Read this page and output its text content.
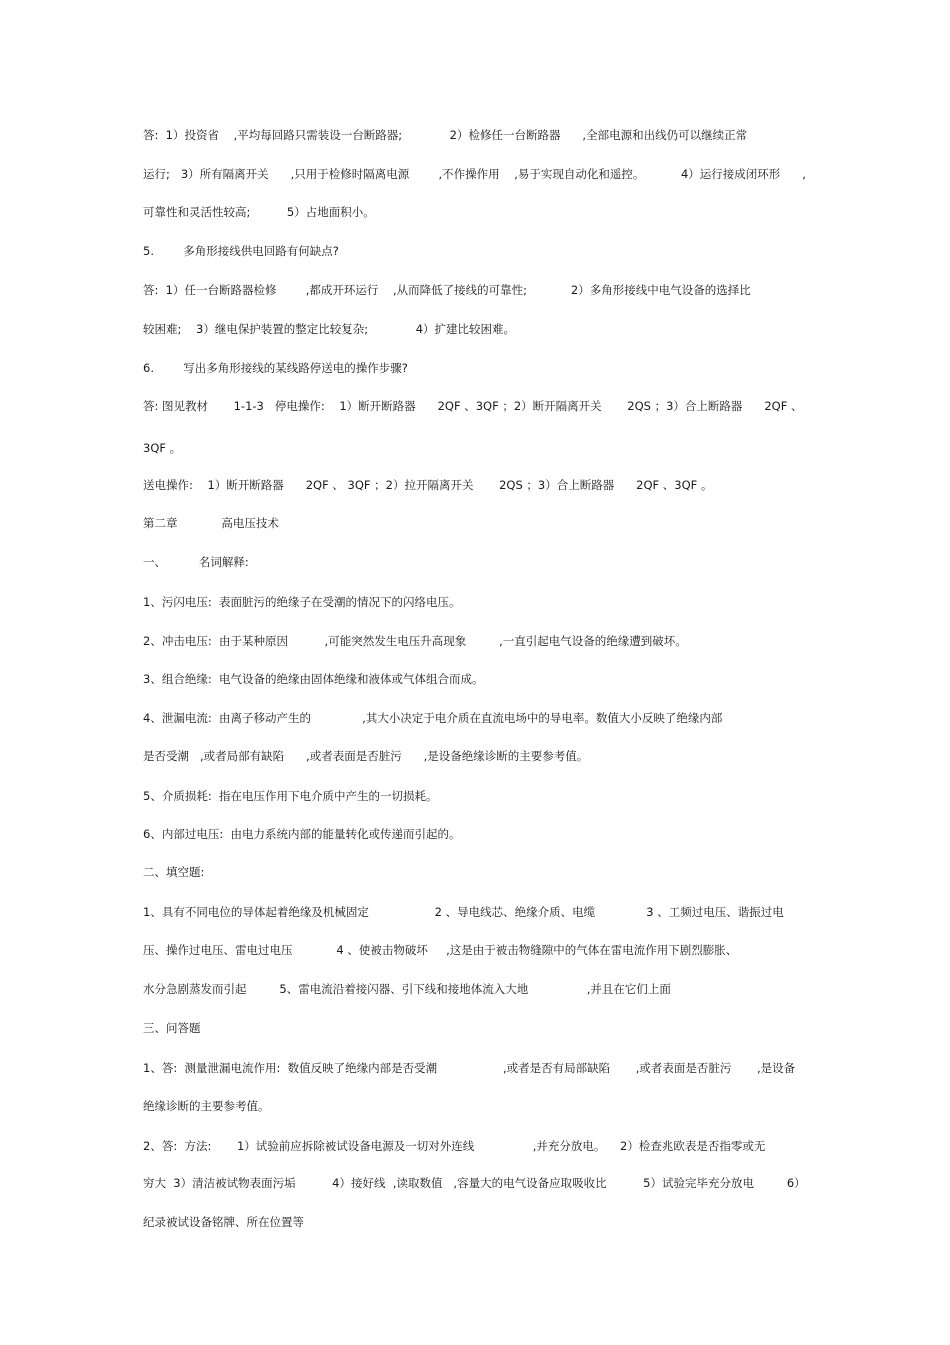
答:  1）投资省    ,平均每回路只需装设一台断路器;             2）检修任一台断路器      ,全部电源和出线仍可以继续正常
运行;   3）所有隔离开关      ,只用于检修时隔离电源        ,不作操作用    ,易于实现自动化和遥控。          4）运行接成闭环形      ,
可靠性和灵活性较高;          5）占地面积小。
5.        多角形接线供电回路有何缺点?
答:  1）任一台断路器检修        ,都成开环运行    ,从而降低了接线的可靠性;            2）多角形接线中电气设备的选择比
较困难;    3）继电保护装置的整定比较复杂;             4）扩建比较困难。
6.        写出多角形接线的某线路停送电的操作步骤?
答: 图见教材       1-1-3   停电操作:    1）断开断路器      2QF 、3QF ；2）断开隔离开关       2QS ；3）合上断路器      2QF 、
3QF 。
送电操作:    1）断开断路器      2QF 、 3QF ；2）拉开隔离开关       2QS ；3）合上断路器      2QF 、3QF 。
第二章            高电压技术
一、         名词解释:
1、污闪电压:  表面脏污的绝缘子在受潮的情况下的闪络电压。
2、冲击电压:  由于某种原因          ,可能突然发生电压升高现象         ,一直引起电气设备的绝缘遭到破坏。
3、组合绝缘:  电气设备的绝缘由固体绝缘和液体或气体组合而成。
4、泄漏电流:  由离子移动产生的              ,其大小决定于电介质在直流电场中的导电率。数值大小反映了绝缘内部
是否受潮   ,或者局部有缺陷      ,或者表面是否脏污      ,是设备绝缘诊断的主要参考值。
5、介质损耗:  指在电压作用下电介质中产生的一切损耗。
6、内部过电压:  由电力系统内部的能量转化或传递而引起的。
二、填空题:
1、具有不同电位的导体起着绝缘及机械固定                  2 、导电线芯、绝缘介质、电缆              3 、工频过电压、谐振过电
压、操作过电压、雷电过电压            4 、使被击物破坏     ,这是由于被击物缝隙中的气体在雷电流作用下剧烈膨胀、
水分急剧蒸发而引起         5、雷电流沿着接闪器、引下线和接地体流入大地                ,并且在它们上面
三、问答题
1、答:  测量泄漏电流作用:  数值反映了绝缘内部是否受潮                  ,或者是否有局部缺陷       ,或者表面是否脏污       ,是设备
绝缘诊断的主要参考值。
2、答:  方法:       1）试验前应拆除被试设备电源及一切对外连线                ,并充分放电。    2）检查兆欧表是否指零或无
穷大  3）清洁被试物表面污垢          4）接好线  ,读取数值   ,容量大的电气设备应取吸收比          5）试验完毕充分放电         6）
纪录被试设备铭牌、所在位置等
